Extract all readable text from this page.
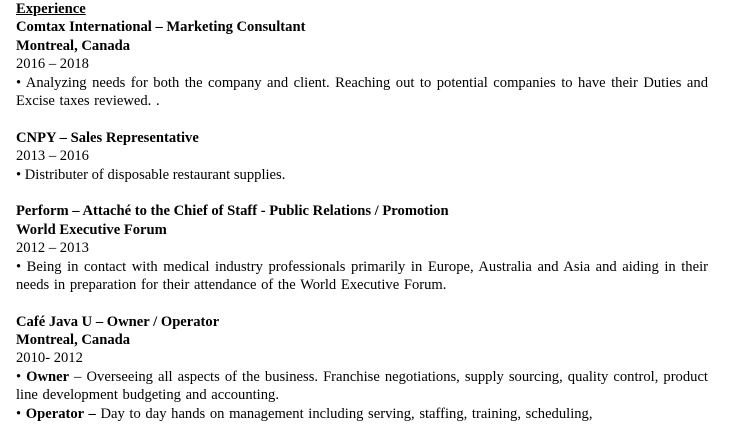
Experience
Comtax International – Marketing Consultant
Montreal, Canada
2016 – 2018
• Analyzing needs for both the company and client. Reaching out to potential companies to have their Duties and Excise taxes reviewed. .
CNPY – Sales Representative
2013 – 2016
• Distributer of disposable restaurant supplies.
Perform – Attaché to the Chief of Staff - Public Relations / Promotion
World Executive Forum
2012 – 2013
• Being in contact with medical industry professionals primarily in Europe, Australia and Asia and aiding in their needs in preparation for their attendance of the World Executive Forum.
Café Java U – Owner / Operator
Montreal, Canada
2010- 2012
• Owner – Overseeing all aspects of the business. Franchise negotiations, supply sourcing, quality control, product line development budgeting and accounting.
• Operator – Day to day hands on management including serving, staffing, training, scheduling,
